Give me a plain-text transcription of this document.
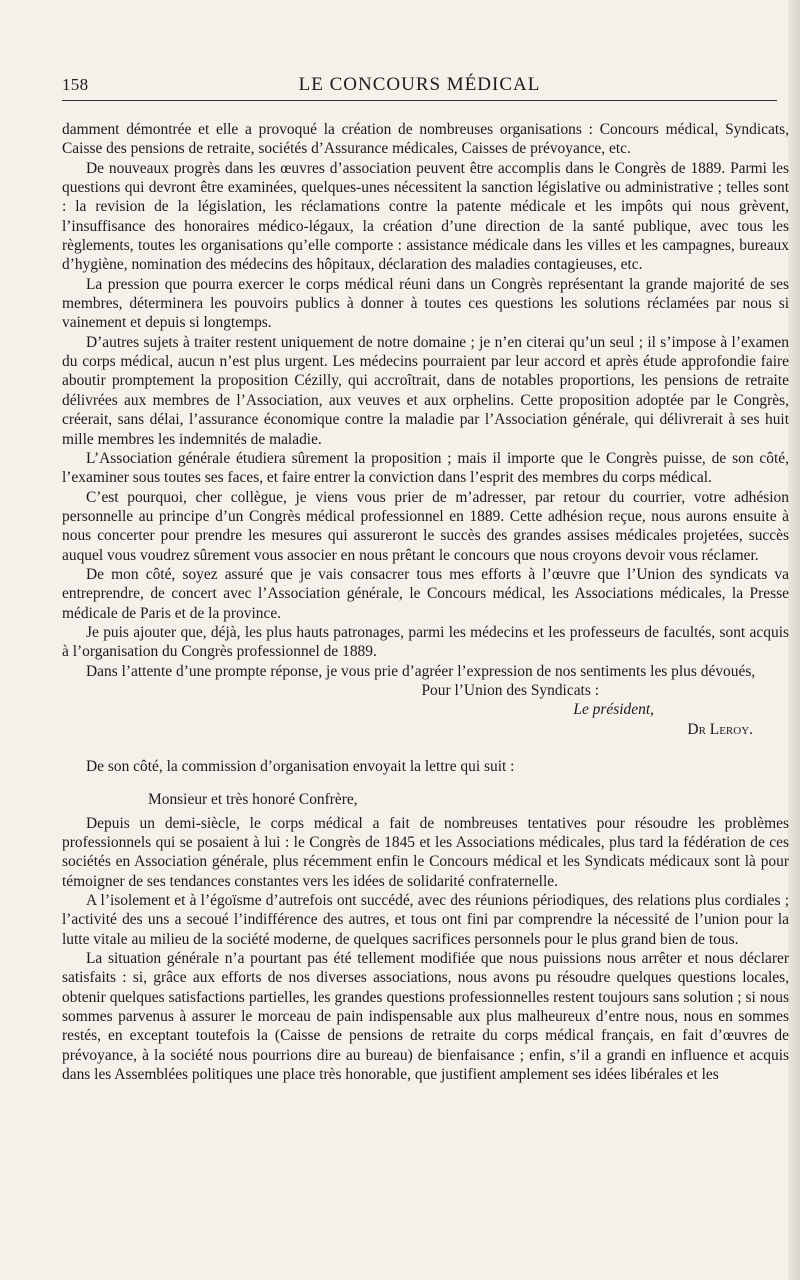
158	LE CONCOURS MÉDICAL

damment démontrée et elle a provoqué la création de nombreuses organisations : Concours médical, Syndicats, Caisse des pensions de retraite, sociétés d’Assurance médicales, Caisses de prévoyance, etc.

De nouveaux progrès dans les œuvres d’association peuvent être accomplis dans le Congrès de 1889. Parmi les questions qui devront être examinées, quelques-unes nécessitent la sanction législative ou administrative ; telles sont : la revision de la législation, les réclamations contre la patente médicale et les impôts qui nous grèvent, l’insuffisance des honoraires médico-légaux, la création d’une direction de la santé publique, avec tous les règlements, toutes les organisations qu’elle comporte : assistance médicale dans les villes et les campagnes, bureaux d’hygiène, nomination des médecins des hôpitaux, déclaration des maladies contagieuses, etc.

La pression que pourra exercer le corps médical réuni dans un Congrès représentant la grande majorité de ses membres, déterminera les pouvoirs publics à donner à toutes ces questions les solutions réclamées par nous si vainement et depuis si longtemps.

D’autres sujets à traiter restent uniquement de notre domaine ; je n’en citerai qu’un seul ; il s’impose à l’examen du corps médical, aucun n’est plus urgent. Les médecins pourraient par leur accord et après étude approfondie faire aboutir promptement la proposition Cézilly, qui accroîtrait, dans de notables proportions, les pensions de retraite délivrées aux membres de l’Association, aux veuves et aux orphelins. Cette proposition adoptée par le Congrès, créerait, sans délai, l’assurance économique contre la maladie par l’Association générale, qui délivrerait à ses huit mille membres les indemnités de maladie.

L’Association générale étudiera sûrement la proposition ; mais il importe que le Congrès puisse, de son côté, l’examiner sous toutes ses faces, et faire entrer la conviction dans l’esprit des membres du corps médical.

C’est pourquoi, cher collègue, je viens vous prier de m’adresser, par retour du courrier, votre adhésion personnelle au principe d’un Congrès médical professionnel en 1889. Cette adhésion reçue, nous aurons ensuite à nous concerter pour prendre les mesures qui assureront le succès des grandes assises médicales projetées, succès auquel vous voudrez sûrement vous associer en nous prêtant le concours que nous croyons devoir vous réclamer.

De mon côté, soyez assuré que je vais consacrer tous mes efforts à l’œuvre que l’Union des syndicats va entreprendre, de concert avec l’Association générale, le Concours médical, les Associations médicales, la Presse médicale de Paris et de la province.

Je puis ajouter que, déjà, les plus hauts patronages, parmi les médecins et les professeurs de facultés, sont acquis à l’organisation du Congrès professionnel de 1889.

Dans l’attente d’une prompte réponse, je vous prie d’agréer l’expression de nos sentiments les plus dévoués,

Pour l’Union des Syndicats :

Le président,

Dr Leroy.

De son côté, la commission d’organisation envoyait la lettre qui suit :

Monsieur et très honoré Confrère,

Depuis un demi-siècle, le corps médical a fait de nombreuses tentatives pour résoudre les problèmes professionnels qui se posaient à lui : le Congrès de 1845 et les Associations médicales, plus tard la fédération de ces sociétés en Association générale, plus récemment enfin le Concours médical et les Syndicats médicaux sont là pour témoigner de ses tendances constantes vers les idées de solidarité confraternelle.

A l’isolement et à l’égoïsme d’autrefois ont succédé, avec des réunions périodiques, des relations plus cordiales ; l’activité des uns a secoué l’indifférence des autres, et tous ont fini par comprendre la nécessité de l’union pour la lutte vitale au milieu de la société moderne, de quelques sacrifices personnels pour le plus grand bien de tous.

La situation générale n’a pourtant pas été tellement modifiée que nous puissions nous arrêter et nous déclarer satisfaits : si, grâce aux efforts de nos diverses associations, nous avons pu résoudre quelques questions locales, obtenir quelques satisfactions partielles, les grandes questions professionnelles restent toujours sans solution ; si nous sommes parvenus à assurer le morceau de pain indispensable aux plus malheureux d’entre nous, nous en sommes restés, en exceptant toutefois la (Caisse de pensions de retraite du corps médical français, en fait d’œuvres de prévoyance, à la société nous pourrions dire au bureau) de bienfaisance ; enfin, s’il a grandi en influence et acquis dans les Assemblées politiques une place très honorable, que justifient amplement ses idées libérales et les
